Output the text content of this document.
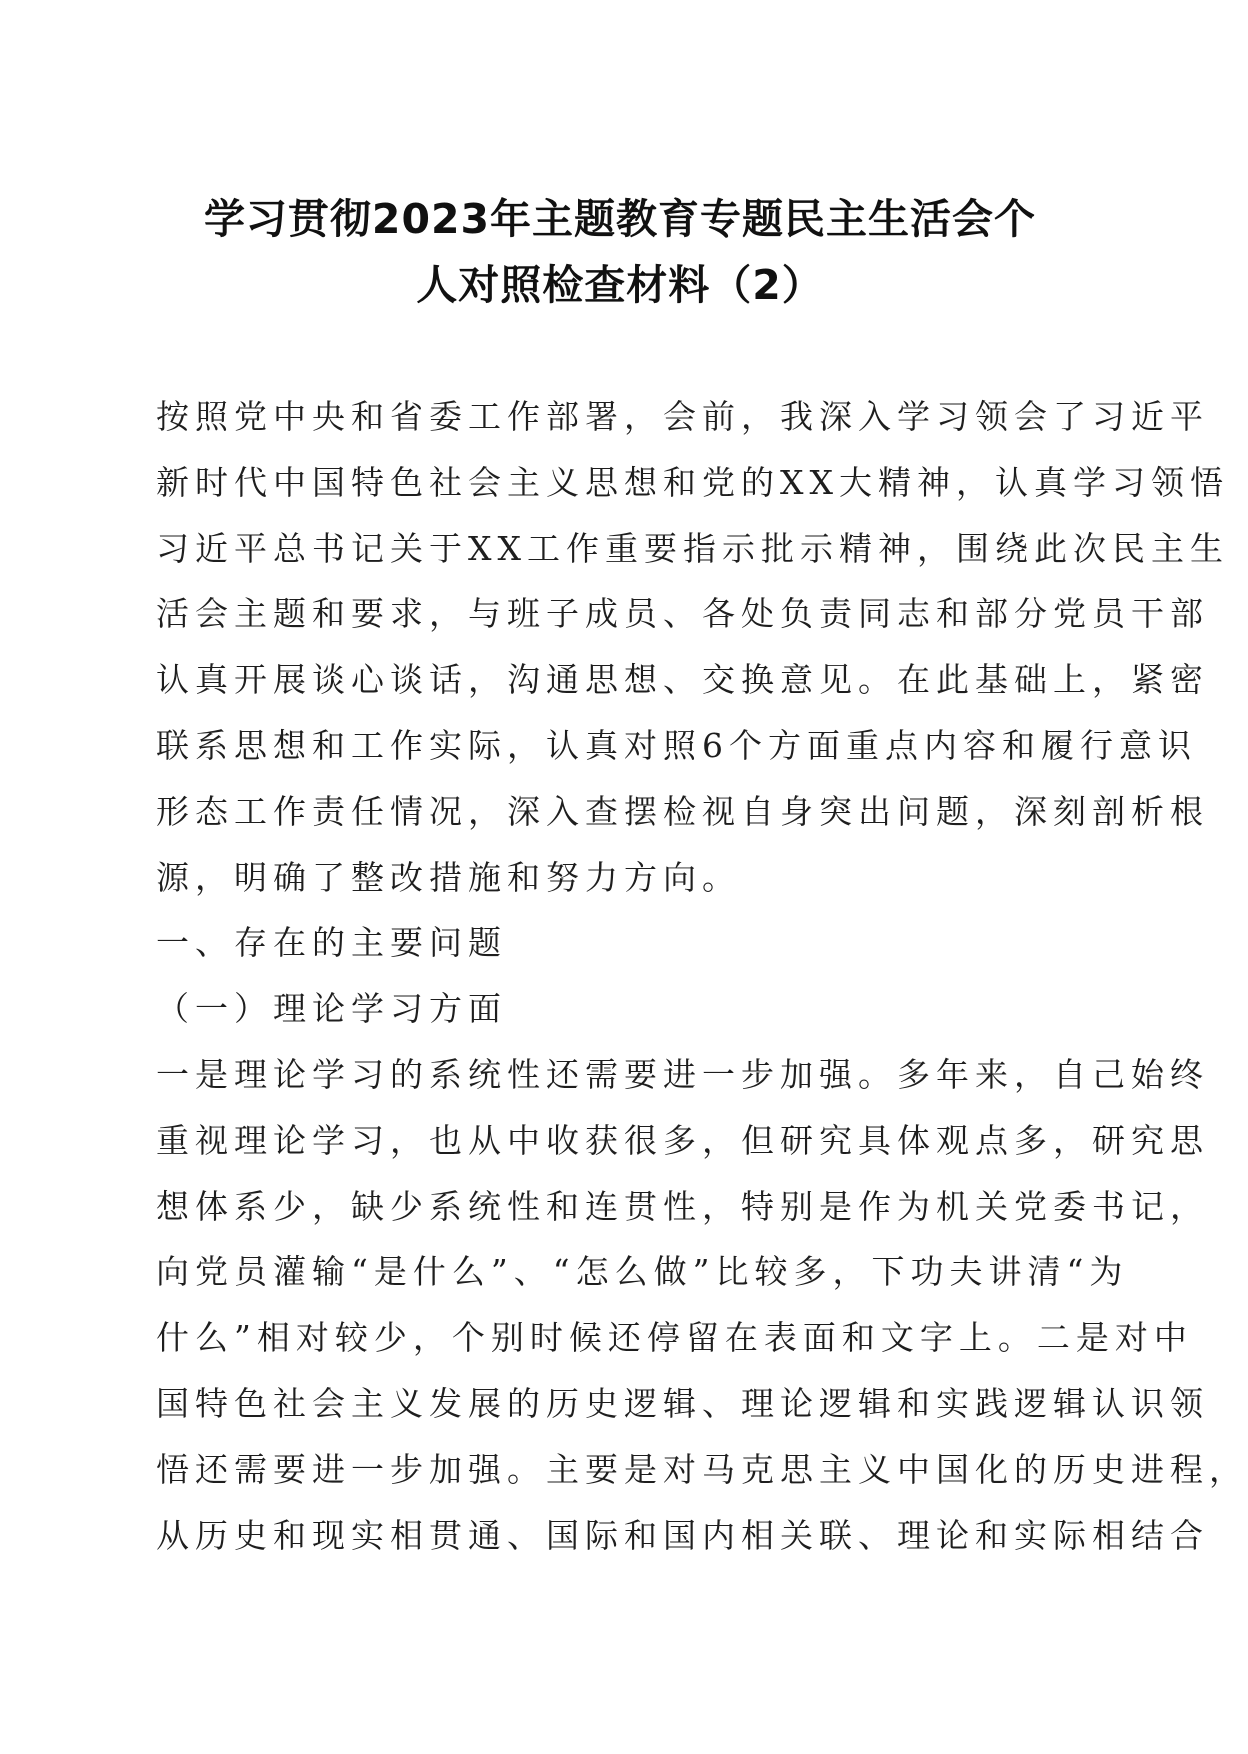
学习贯彻2023年主题教育专题民主生活会个
人对照检查材料（2）
按照党中央和省委工作部署，会前，我深入学习领会了习近平
新时代中国特色社会主义思想和党的XX大精神，认真学习领悟
习近平总书记关于XX工作重要指示批示精神，围绕此次民主生
活会主题和要求，与班子成员、各处负责同志和部分党员干部
认真开展谈心谈话，沟通思想、交换意见。在此基础上，紧密
联系思想和工作实际，认真对照6个方面重点内容和履行意识
形态工作责任情况，深入查摆检视自身突出问题，深刻剖析根
源，明确了整改措施和努力方向。
一、存在的主要问题
（一）理论学习方面
一是理论学习的系统性还需要进一步加强。多年来，自己始终
重视理论学习，也从中收获很多，但研究具体观点多，研究思
想体系少，缺少系统性和连贯性，特别是作为机关党委书记，
向党员灌输“是什么”、“怎么做”比较多，下功夫讲清“为
什么”相对较少，个别时候还停留在表面和文字上。二是对中
国特色社会主义发展的历史逻辑、理论逻辑和实践逻辑认识领
悟还需要进一步加强。主要是对马克思主义中国化的历史进程，
从历史和现实相贯通、国际和国内相关联、理论和实际相结合
